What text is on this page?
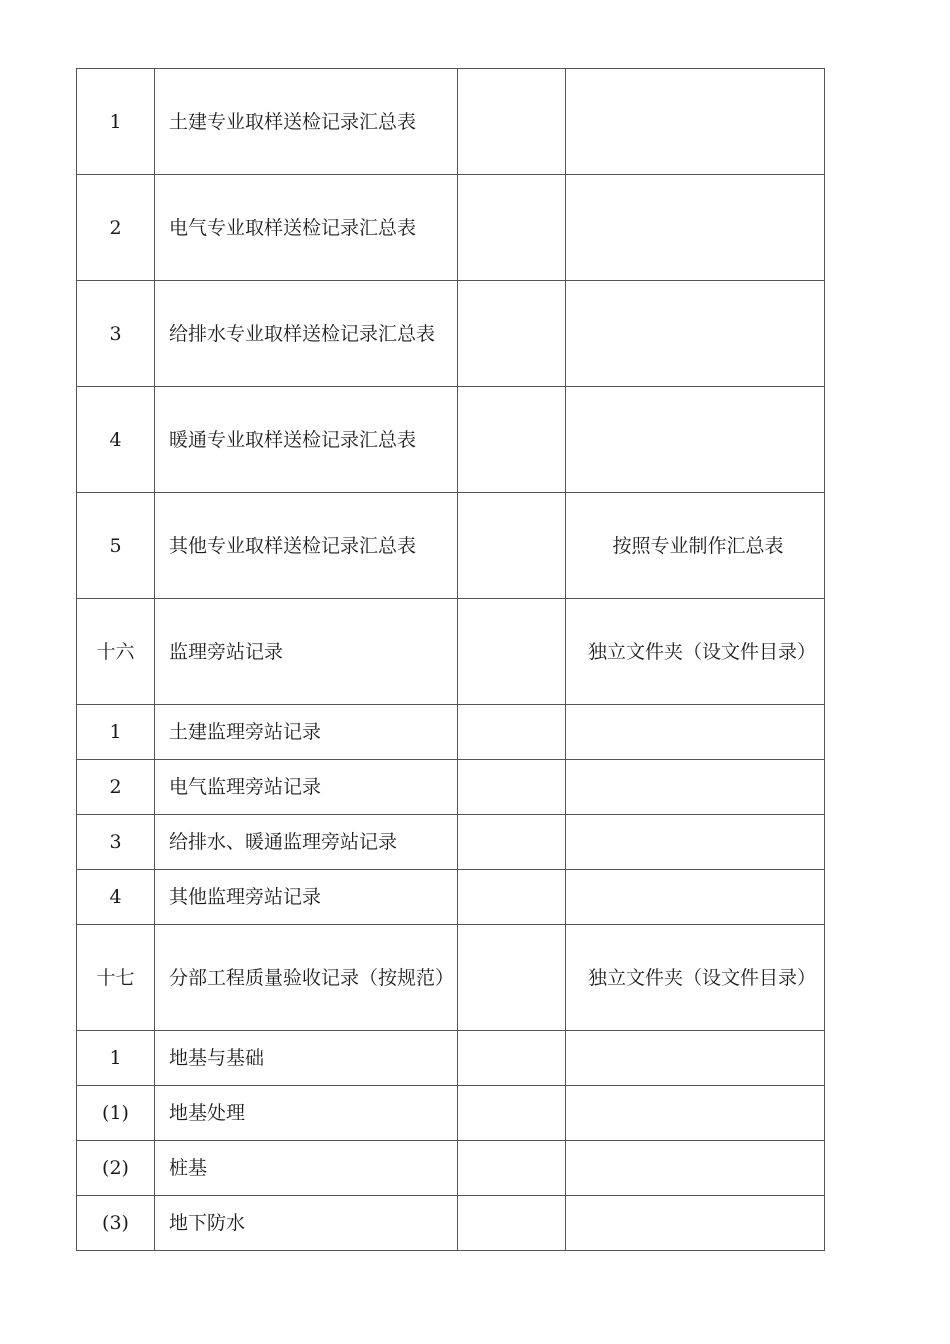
1	土建专业取样送检记录汇总表		
2	电气专业取样送检记录汇总表		
3	给排水专业取样送检记录汇总表		
4	暖通专业取样送检记录汇总表		
5	其他专业取样送检记录汇总表		按照专业制作汇总表
十六	监理旁站记录		独立文件夹（设文件目录）
1	土建监理旁站记录		
2	电气监理旁站记录		
3	给排水、暖通监理旁站记录		
4	其他监理旁站记录		
十七	分部工程质量验收记录（按规范）		独立文件夹（设文件目录）
1	地基与基础		
(1)	地基处理		
(2)	桩基		
(3)	地下防水		
